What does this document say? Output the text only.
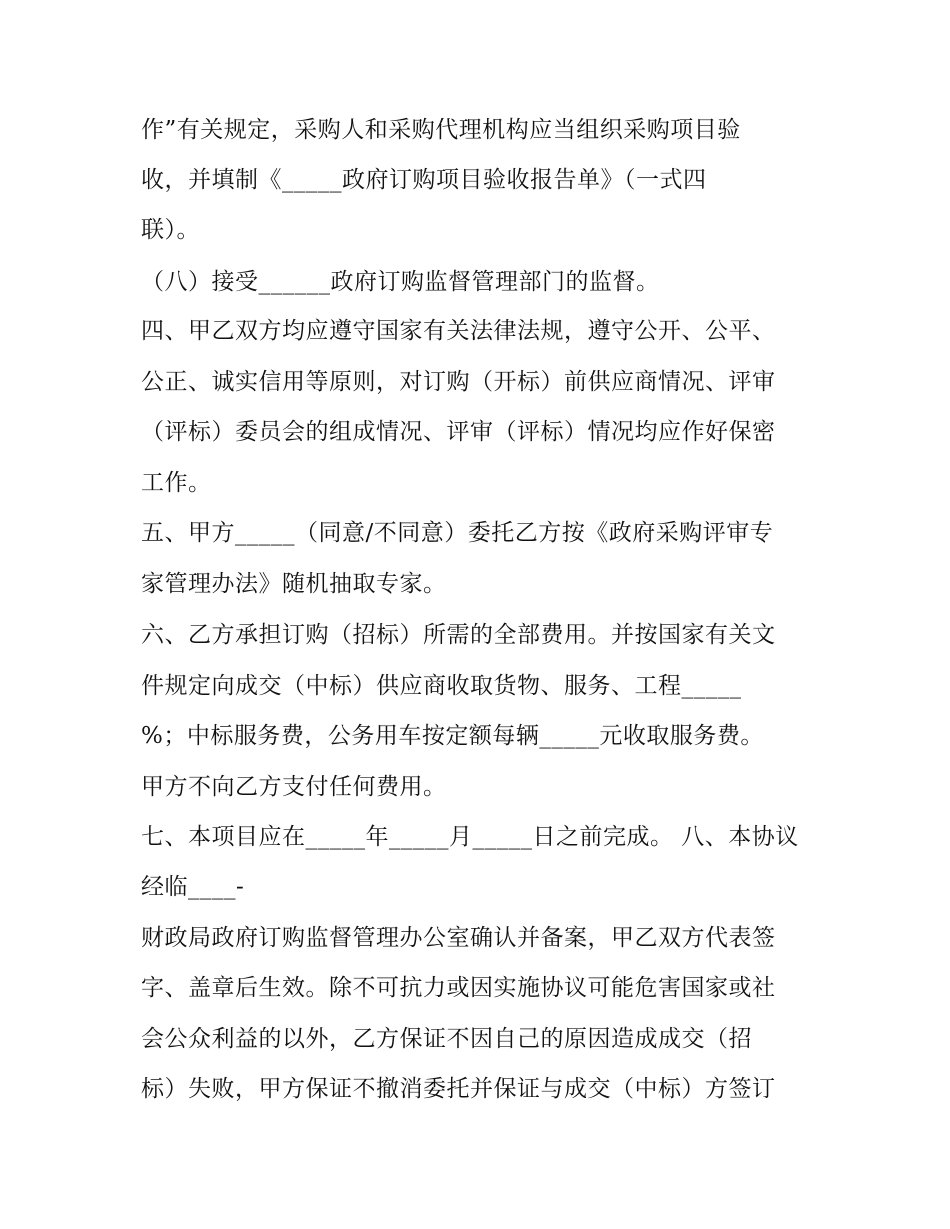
作”有关规定，采购人和采购代理机构应当组织采购项目验
收，并填制《_____政府订购项目验收报告单》（一式四
联）。
（八）接受______政府订购监督管理部门的监督。
四、甲乙双方均应遵守国家有关法律法规，遵守公开、公平、
公正、诚实信用等原则，对订购（开标）前供应商情况、评审
（评标）委员会的组成情况、评审（评标）情况均应作好保密
工作。
五、甲方_____（同意/不同意）委托乙方按《政府采购评审专
家管理办法》随机抽取专家。
六、乙方承担订购（招标）所需的全部费用。并按国家有关文
件规定向成交（中标）供应商收取货物、服务、工程_____
%；中标服务费，公务用车按定额每辆_____元收取服务费。
甲方不向乙方支付任何费用。
七、本项目应在_____年_____月_____日之前完成。 八、本协议
经临____-
财政局政府订购监督管理办公室确认并备案，甲乙双方代表签
字、盖章后生效。除不可抗力或因实施协议可能危害国家或社
会公众利益的以外，乙方保证不因自己的原因造成成交（招
标）失败，甲方保证不撤消委托并保证与成交（中标）方签订
